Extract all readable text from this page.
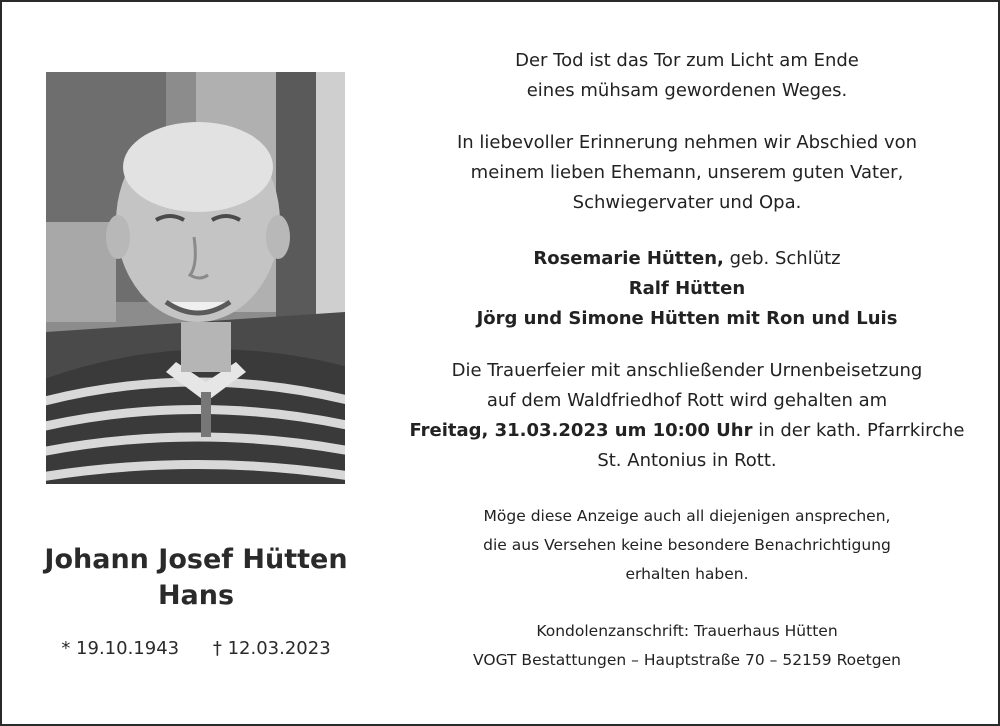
Johann Josef Hütten
Hans
* 19.10.1943 † 12.03.2023
Der Tod ist das Tor zum Licht am Ende
eines mühsam gewordenen Weges.
In liebevoller Erinnerung nehmen wir Abschied von
meinem lieben Ehemann, unserem guten Vater,
Schwiegervater und Opa.
Rosemarie Hütten, geb. Schlütz
Ralf Hütten
Jörg und Simone Hütten mit Ron und Luis
Die Trauerfeier mit anschließender Urnenbeisetzung
auf dem Waldfriedhof Rott wird gehalten am
Freitag, 31.03.2023 um 10:00 Uhr in der kath. Pfarrkirche
St. Antonius in Rott.
Möge diese Anzeige auch all diejenigen ansprechen,
die aus Versehen keine besondere Benachrichtigung
erhalten haben.
Kondolenzanschrift: Trauerhaus Hütten
VOGT Bestattungen – Hauptstraße 70 – 52159 Roetgen
